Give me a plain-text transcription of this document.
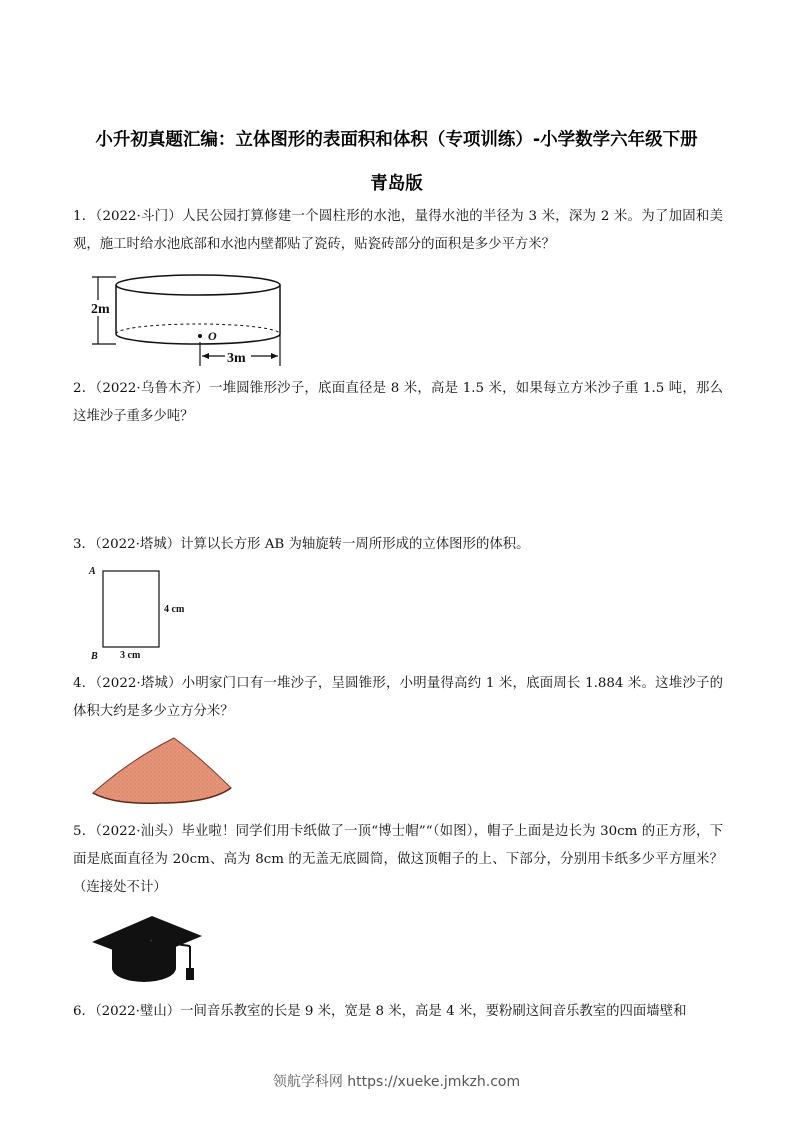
小升初真题汇编：立体图形的表面积和体积（专项训练）-小学数学六年级下册
青岛版

1．（2022·斗门）人民公园打算修建一个圆柱形的水池，量得水池的半径为 3 米，深为 2 米。为了加固和美观，施工时给水池底部和水池内壁都贴了瓷砖，贴瓷砖部分的面积是多少平方米？

2m
O
3m

2．（2022·乌鲁木齐）一堆圆锥形沙子，底面直径是 8 米，高是 1.5 米，如果每立方米沙子重 1.5 吨，那么这堆沙子重多少吨？

3．（2022·塔城）计算以长方形 AB 为轴旋转一周所形成的立体图形的体积。

A
B
4 cm
3 cm

4．（2022·塔城）小明家门口有一堆沙子，呈圆锥形，小明量得高约 1 米，底面周长 1.884 米。这堆沙子的体积大约是多少立方分米？

5．（2022·汕头）毕业啦！同学们用卡纸做了一顶“博士帽”“（如图），帽子上面是边长为 30cm 的正方形，下面是底面直径为 20cm、高为 8cm 的无盖无底圆筒，做这顶帽子的上、下部分，分别用卡纸多少平方厘米？（连接处不计）

6．（2022·璧山）一间音乐教室的长是 9 米，宽是 8 米，高是 4 米，要粉刷这间音乐教室的四面墙壁和

领航学科网 https://xueke.jmkzh.com
